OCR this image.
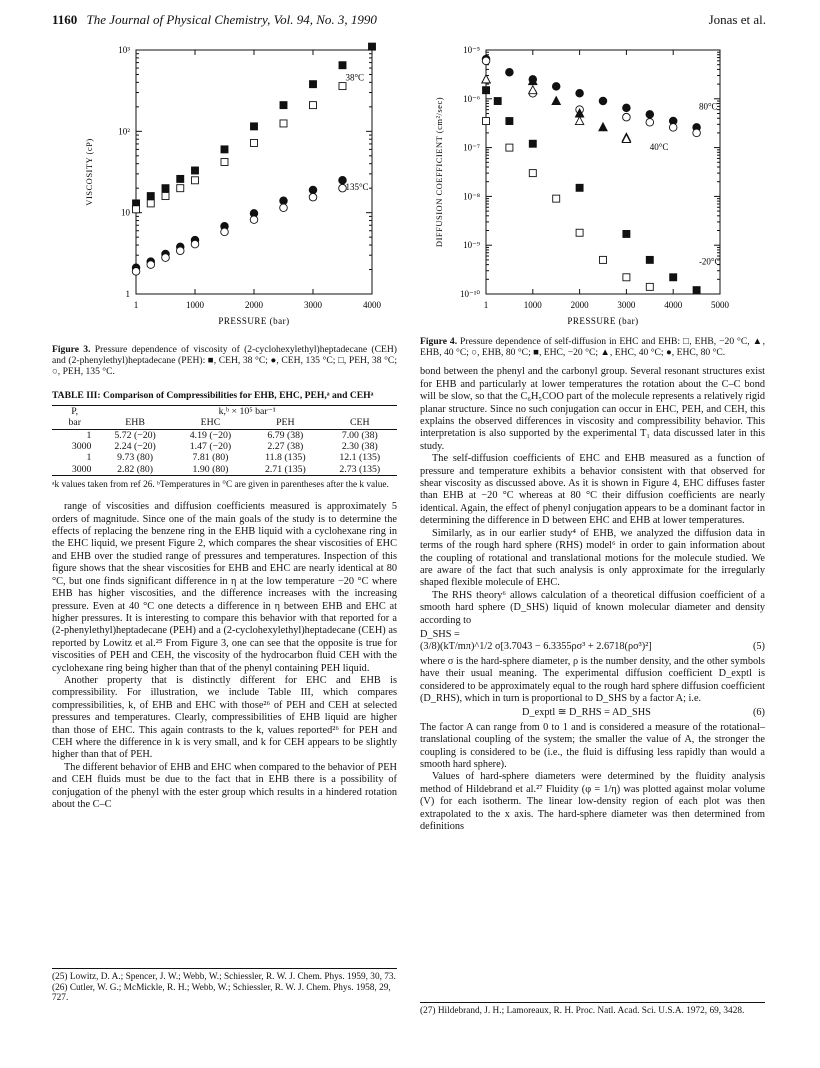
1160 The Journal of Physical Chemistry, Vol. 94, No. 3, 1990	Jonas et al.
1	1000	2000	3000	4000
1
10
10²
10³
PRESSURE (bar)
VISCOSITY (cP)
38°C
135°C

Figure 3. Pressure dependence of viscosity of (2-cyclohexylethyl)heptadecane (CEH) and (2-phenylethyl)heptadecane (PEH): ■, CEH, 38 °C; ●, CEH, 135 °C; □, PEH, 38 °C; ○, PEH, 135 °C.

TABLE III: Comparison of Compressibilities for EHB, EHC, PEH,ᵃ and CEHᵃ
P,	k,ᵇ × 10⁵ bar⁻¹			
bar	EHB	EHC	PEH	CEH
1	5.72 (−20)	4.19 (−20)	6.79 (38)	7.00 (38)
3000	2.24 (−20)	1.47 (−20)	2.27 (38)	2.30 (38)
1	9.73 (80)	7.81 (80)	11.8 (135)	12.1 (135)
3000	2.82 (80)	1.90 (80)	2.71 (135)	2.73 (135)
ᵃk values taken from ref 26. ᵇTemperatures in °C are given in parentheses after the k value.

range of viscosities and diffusion coefficients measured is approximately 5 orders of magnitude. Since one of the main goals of the study is to determine the effects of replacing the benzene ring in the EHB liquid with a cyclohexane ring in the EHC liquid, we present Figure 2, which compares the shear viscosities of EHC and EHB over the studied range of pressures and temperatures. Inspection of this figure shows that the shear viscosities for EHB and EHC are nearly identical at 80 °C, but one finds significant difference in η at the low temperature −20 °C where EHB has higher viscosities, and the difference increases with the increasing pressure. Even at 40 °C one detects a difference in η between EHB and EHC at higher pressures. It is interesting to compare this behavior with that reported for a (2-phenylethyl)heptadecane (PEH) and a (2-cyclohexylethyl)heptadecane (CEH) as reported by Lowitz et al.²⁵ From Figure 3, one can see that the opposite is true for viscosities of PEH and CEH, the viscosity of the hydrocarbon fluid CEH with the cyclohexane ring being higher than that of the phenyl containing PEH liquid.

Another property that is distinctly different for EHC and EHB is compressibility. For illustration, we include Table III, which compares compressibilities, k, of EHB and EHC with those²⁶ of PEH and CEH at selected pressures and temperatures. Clearly, compressibilities of EHB liquid are higher than those of EHC. This again contrasts to the k, values reported²⁶ for PEH and CEH where the difference in k is very small, and k for CEH appears to be slightly higher than that of PEH.

The different behavior of EHB and EHC when compared to the behavior of PEH and CEH fluids must be due to the fact that in EHB there is a possibility of conjugation of the phenyl with the ester group which results in a hindered rotation about the C–C

(25) Lowitz, D. A.; Spencer, J. W.; Webb, W.; Schiessler, R. W. J. Chem. Phys. 1959, 30, 73.

(26) Cutler, W. G.; McMickle, R. H.; Webb, W.; Schiessler, R. W. J. Chem. Phys. 1958, 29, 727.

1	1000	2000	3000	4000	5000
10⁻¹⁰
10⁻⁹
10⁻⁸
10⁻⁷
10⁻⁶
10⁻⁵
PRESSURE (bar)
DIFFUSION COEFFICIENT (cm²/sec)	80°C
40°C
-20°C

Figure 4. Pressure dependence of self-diffusion in EHC and EHB: □, EHB, −20 °C, ▲, EHB, 40 °C; ○, EHB, 80 °C; ■, EHC, −20 °C; ▲, EHC, 40 °C; ●, EHC, 80 °C.

bond between the phenyl and the carbonyl group. Several resonant structures exist for EHB and particularly at lower temperatures the rotation about the C–C bond will be slow, so that the C₆H₅COO part of the molecule represents a relatively rigid planar structure. Since no such conjugation can occur in EHC, PEH, and CEH, this explains the observed differences in viscosity and compressibility behavior. This interpretation is also supported by the experimental T₁ data discussed later in this study.

The self-diffusion coefficients of EHC and EHB measured as a function of pressure and temperature exhibits a behavior consistent with that observed for shear viscosity as discussed above. As it is shown in Figure 4, EHC diffuses faster than EHB at −20 °C whereas at 80 °C their diffusion coefficients are nearly identical. Again, the effect of phenyl conjugation appears to be a dominant factor in determining the difference in D between EHC and EHB at lower temperatures.

Similarly, as in our earlier study⁴ of EHB, we analyzed the diffusion data in terms of the rough hard sphere (RHS) model⁶ in order to gain information about the coupling of rotational and translational motions for the molecule studied. We are aware of the fact that such analysis is only approximate for the irregularly shaped flexible molecule of EHC.

The RHS theory⁶ allows calculation of a theoretical diffusion coefficient of a smooth hard sphere (D_SHS) liquid of known molecular diameter and density according to

D_SHS =
(5)
(3/8)(kT/mπ)^1/2 σ[3.7043 − 6.3355ρσ³ + 2.6718(ρσ³)²]

where σ is the hard-sphere diameter, ρ is the number density, and the other symbols have their usual meaning. The experimental diffusion coefficient D_exptl is considered to be approximately equal to the rough hard sphere diffusion coefficient (D_RHS), which in turn is proportional to D_SHS by a factor A; i.e.

(6)
D_exptl ≅ D_RHS = AD_SHS

The factor A can range from 0 to 1 and is considered a measure of the rotational–translational coupling of the system; the smaller the value of A, the stronger the coupling is considered to be (i.e., the fluid is diffusing less rapidly than would a smooth hard sphere).

Values of hard-sphere diameters were determined by the fluidity analysis method of Hildebrand et al.²⁷ Fluidity (φ = 1/η) was plotted against molar volume (V) for each isotherm. The linear low-density region of each plot was then extrapolated to the x axis. The hard-sphere diameter was then determined from definitions

(27) Hildebrand, J. H.; Lamoreaux, R. H. Proc. Natl. Acad. Sci. U.S.A. 1972, 69, 3428.
